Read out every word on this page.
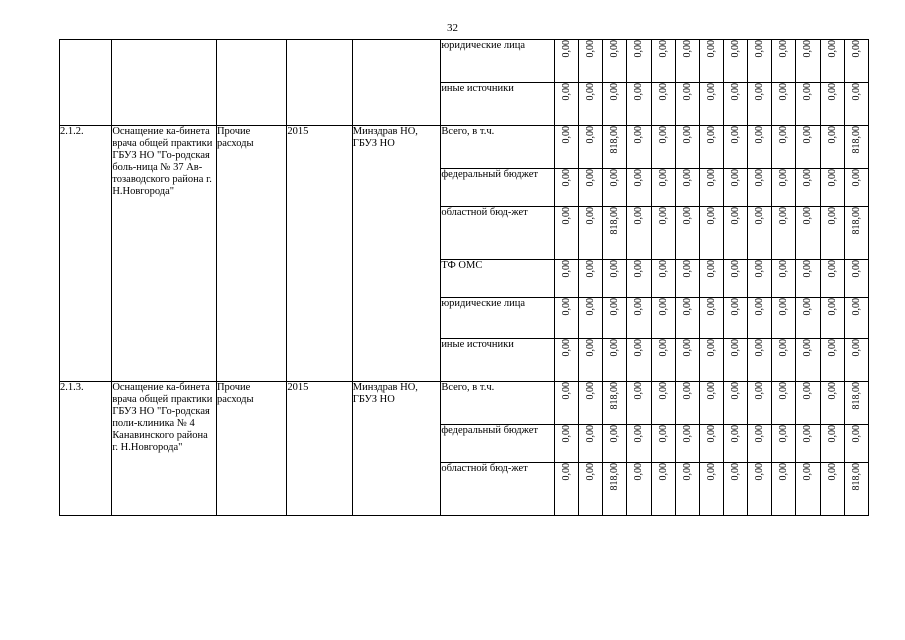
32
					юридические лица	0,00	0,00	0,00	0,00	0,00	0,00	0,00	0,00	0,00	0,00	0,00	0,00	0,00
					иные источники	0,00	0,00	0,00	0,00	0,00	0,00	0,00	0,00	0,00	0,00	0,00	0,00	0,00
2.1.2.	Оснащение ка-бинета врача общей практики ГБУЗ НО "Го-родская боль-ница № 37 Ав-тозаводского района г. Н.Новгорода"	Прочие расходы	2015	Минздрав НО, ГБУЗ НО	Всего, в т.ч.	0,00	0,00	818,00	0,00	0,00	0,00	0,00	0,00	0,00	0,00	0,00	0,00	818,00
					федеральный бюджет	0,00	0,00	0,00	0,00	0,00	0,00	0,00	0,00	0,00	0,00	0,00	0,00	0,00
					областной бюд-жет	0,00	0,00	818,00	0,00	0,00	0,00	0,00	0,00	0,00	0,00	0,00	0,00	818,00
					ТФ ОМС	0,00	0,00	0,00	0,00	0,00	0,00	0,00	0,00	0,00	0,00	0,00	0,00	0,00
					юридические лица	0,00	0,00	0,00	0,00	0,00	0,00	0,00	0,00	0,00	0,00	0,00	0,00	0,00
					иные источники	0,00	0,00	0,00	0,00	0,00	0,00	0,00	0,00	0,00	0,00	0,00	0,00	0,00
2.1.3.	Оснащение ка-бинета врача общей практики ГБУЗ НО "Го-родская поли-клиника № 4 Канавинского района г. Н.Новгорода"	Прочие расходы	2015	Минздрав НО, ГБУЗ НО	Всего, в т.ч.	0,00	0,00	818,00	0,00	0,00	0,00	0,00	0,00	0,00	0,00	0,00	0,00	818,00
					федеральный бюджет	0,00	0,00	0,00	0,00	0,00	0,00	0,00	0,00	0,00	0,00	0,00	0,00	0,00
					областной бюд-жет	0,00	0,00	818,00	0,00	0,00	0,00	0,00	0,00	0,00	0,00	0,00	0,00	818,00
